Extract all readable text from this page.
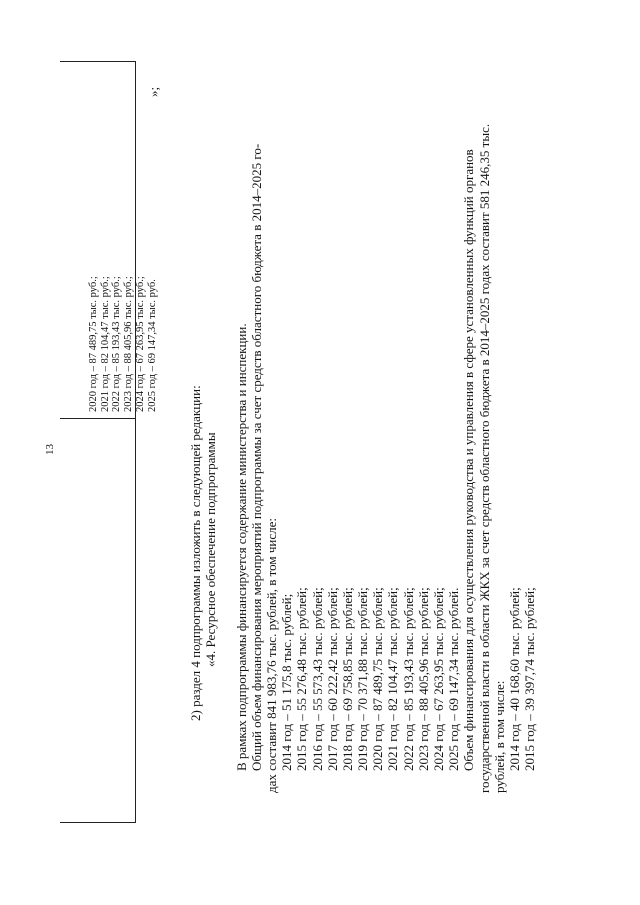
13
2020 год – 87 489,75 тыс. руб.; 2021 год – 82 104,47 тыс. руб.; 2022 год – 85 193,43 тыс. руб.; 2023 год – 88 405,96 тыс. руб.; 2024 год – 67 263,95 тыс. руб.; 2025 год – 69 147,34 тыс. руб.
»;
2) раздел 4 подпрограммы изложить в следующей редакции: «4. Ресурсное обеспечение подпрограммы В рамках подпрограммы финансируется содержание министерства и инспекции. Общий объем финансирования мероприятий подпрограммы за счет средств областного бюджета в 2014–2025 го- дах составит 841 983,76 тыс. рублей, в том числе: 2014 год – 51 175,8 тыс. рублей; 2015 год – 55 276,48 тыс. рублей; 2016 год – 55 573,43 тыс. рублей; 2017 год – 60 222,42 тыс. рублей; 2018 год – 69 758,85 тыс. рублей; 2019 год – 70 371,88 тыс. рублей; 2020 год – 87 489,75 тыс. рублей; 2021 год – 82 104,47 тыс. рублей; 2022 год – 85 193,43 тыс. рублей; 2023 год – 88 405,96 тыс. рублей; 2024 год – 67 263,95 тыс. рублей; 2025 год – 69 147,34 тыс. рублей. Объем финансирования для осуществления руководства и управления в сфере установленных функций органов государственной власти в области ЖКХ за счет средств областного бюджета в 2014–2025 годах составит 581 246,35 тыс. рублей, в том числе: 2014 год – 40 168,60 тыс. рублей; 2015 год – 39 397,74 тыс. рублей;
